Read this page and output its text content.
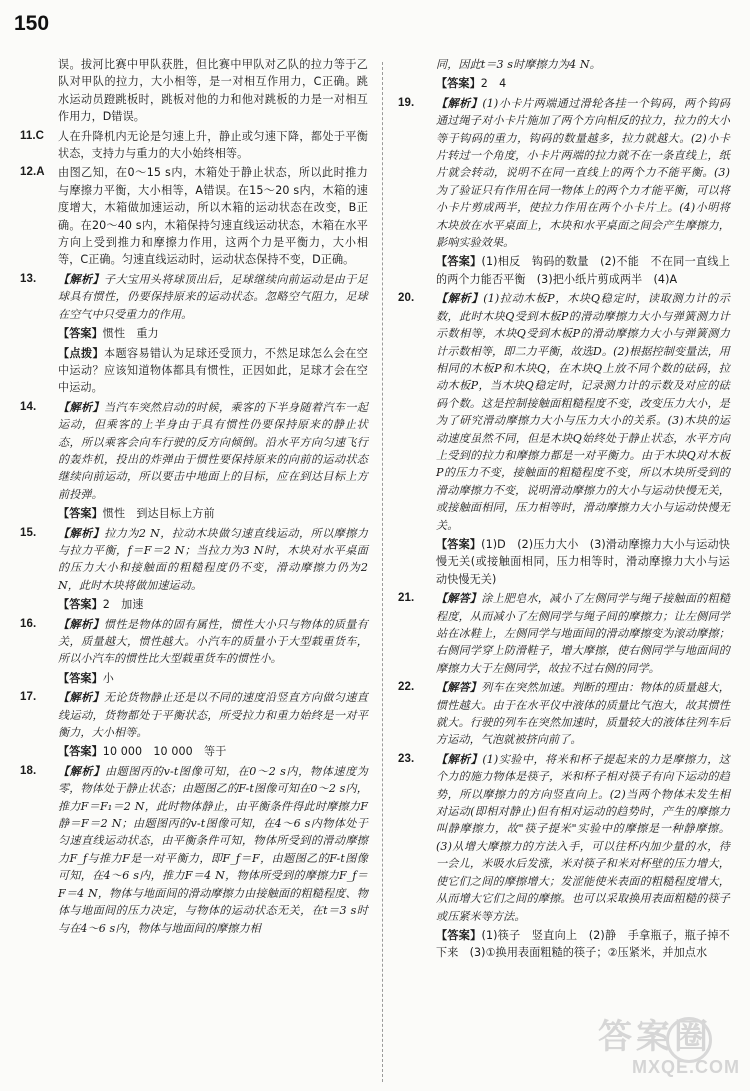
150
误。拔河比赛中甲队获胜，但比赛中甲队对乙队的拉力等于乙队对甲队的拉力，大小相等，是一对相互作用力，C正确。跳水运动员蹬跳板时，跳板对他的力和他对跳板的力是一对相互作用力，D错误。
11.C 人在升降机内无论是匀速上升，静止或匀速下降，都处于平衡状态，支持力与重力的大小始终相等。
12.A 由图乙知，在0～15 s内，木箱处于静止状态，所以此时推力与摩擦力平衡，大小相等，A错误。在15～20 s内，木箱的速度增大，木箱做加速运动，所以木箱的运动状态在改变，B正确。在20～40 s内，木箱保持匀速直线运动状态，木箱在水平方向上受到推力和摩擦力作用，这两个力是平衡力，大小相等，C正确。匀速直线运动时，运动状态保持不变，D正确。
13. 【解析】子大宝用头将球顶出后，足球继续向前运动是由于足球具有惯性，仍要保持原来的运动状态。忽略空气阻力，足球在空气中只受重力的作用。
【答案】惯性　重力
【点拨】本题容易错认为足球还受顶力，不然足球怎么会在空中运动？应该知道物体都具有惯性，正因如此，足球才会在空中运动。
14. 【解析】当汽车突然启动的时候，乘客的下半身随着汽车一起运动，但乘客的上半身由于具有惯性仍要保持原来的静止状态，所以乘客会向车行驶的反方向倾倒。沿水平方向匀速飞行的轰炸机，投出的炸弹由于惯性要保持原来的向前的运动状态继续向前运动，所以要击中地面上的目标，应在到达目标上方前投弹。
【答案】惯性　到达目标上方前
15. 【解析】拉力为2 N，拉动木块做匀速直线运动，所以摩擦力与拉力平衡，f＝F＝2 N；当拉力为3 N时，木块对水平桌面的压力大小和接触面的粗糙程度仍不变，滑动摩擦力仍为2 N，此时木块将做加速运动。
【答案】2　加速
16. 【解析】惯性是物体的固有属性，惯性大小只与物体的质量有关，质量越大，惯性越大。小汽车的质量小于大型载重货车，所以小汽车的惯性比大型载重货车的惯性小。
【答案】小
17. 【解析】无论货物静止还是以不同的速度沿竖直方向做匀速直线运动，货物都处于平衡状态，所受拉力和重力始终是一对平衡力，大小相等。
【答案】10 000　10 000　等于
18. 【解析】由题图丙的v-t图像可知，在0～2 s内，物体速度为零，物体处于静止状态；由题图乙的F-t图像可知在0～2 s内，推力F＝F₁＝2 N，此时物体静止，由平衡条件得此时摩擦力F静＝F＝2 N；由题图丙的v-t图像可知，在4～6 s内物体处于匀速直线运动状态，由平衡条件可知，物体所受到的滑动摩擦力F_f与推力F是一对平衡力，即F_f＝F，由题图乙的F-t图像可知，在4～6 s内，推力F＝4 N，物体所受到的摩擦力F_f＝F＝4 N，物体与地面间的滑动摩擦力由接触面的粗糙程度、物体与地面间的压力决定，与物体的运动状态无关，在t＝3 s时与在4～6 s内，物体与地面间的摩擦力相
同，因此t＝3 s时摩擦力为4 N。
【答案】2　4
19. 【解析】(1)小卡片两端通过滑轮各挂一个钩码，两个钩码通过绳子对小卡片施加了两个方向相反的拉力，拉力的大小等于钩码的重力，钩码的数量越多，拉力就越大。(2)小卡片转过一个角度，小卡片两端的拉力就不在一条直线上，纸片就会转动，说明不在同一直线上的两个力不能平衡。(3)为了验证只有作用在同一物体上的两个力才能平衡，可以将小卡片剪成两半，使拉力作用在两个小卡片上。(4)小明将木块放在水平桌面上，木块和水平桌面之间会产生摩擦力，影响实验效果。
【答案】(1)相反　钩码的数量　(2)不能　不在同一直线上的两个力能否平衡　(3)把小纸片剪成两半　(4)A
20. 【解析】(1)拉动木板P，木块Q稳定时，读取测力计的示数，此时木块Q受到木板P的滑动摩擦力大小与弹簧测力计示数相等，木块Q受到木板P的滑动摩擦力大小与弹簧测力计示数相等，即二力平衡，故选D。(2)根据控制变量法，用相同的木板P和木块Q，在木块Q上放不同个数的砝码，拉动木板P，当木块Q稳定时，记录测力计的示数及对应的砝码个数。这是控制接触面粗糙程度不变，改变压力大小，是为了研究滑动摩擦力大小与压力大小的关系。(3)木块的运动速度虽然不同，但是木块Q始终处于静止状态，水平方向上受到的拉力和摩擦力都是一对平衡力。由于木块Q对木板P的压力不变，接触面的粗糙程度不变，所以木块所受到的滑动摩擦力不变，说明滑动摩擦力的大小与运动快慢无关，或接触面相同，压力相等时，滑动摩擦力大小与运动快慢无关。
【答案】(1)D　(2)压力大小　(3)滑动摩擦力大小与运动快慢无关(或接触面相同，压力相等时，滑动摩擦力大小与运动快慢无关)
21. 【解答】涂上肥皂水，减小了左侧同学与绳子接触面的粗糙程度，从而减小了左侧同学与绳子间的摩擦力；让左侧同学站在冰鞋上，左侧同学与地面间的滑动摩擦变为滚动摩擦；右侧同学穿上防滑鞋子，增大摩擦，使右侧同学与地面间的摩擦力大于左侧同学，故拉不过右侧的同学。
22. 【解答】列车在突然加速。判断的理由：物体的质量越大，惯性越大。由于在水平仪中液体的质量比气泡大，故其惯性就大。行驶的列车在突然加速时，质量较大的液体往列车后方运动，气泡就被挤向前了。
23. 【解析】(1)实验中，将米和杯子提起来的力是摩擦力，这个力的施力物体是筷子，米和杯子相对筷子有向下运动的趋势，所以摩擦力的方向竖直向上。(2)当两个物体未发生相对运动(即相对静止)但有相对运动的趋势时，产生的摩擦力叫静摩擦力，故"筷子提米"实验中的摩擦是一种静摩擦。(3)从增大摩擦力的方法入手，可以往杯内加少量的水，待一会儿，米吸水后发涨，米对筷子和米对杯壁的压力增大，使它们之间的摩擦增大；发涩能使米表面的粗糙程度增大，从而增大它们之间的摩擦。也可以采取换用表面粗糙的筷子或压紧米等方法。
【答案】(1)筷子　竖直向上　(2)静　手拿瓶子，瓶子掉不下来　(3)①换用表面粗糙的筷子；②压紧米，并加点水
答案圈
MXQE.COM
